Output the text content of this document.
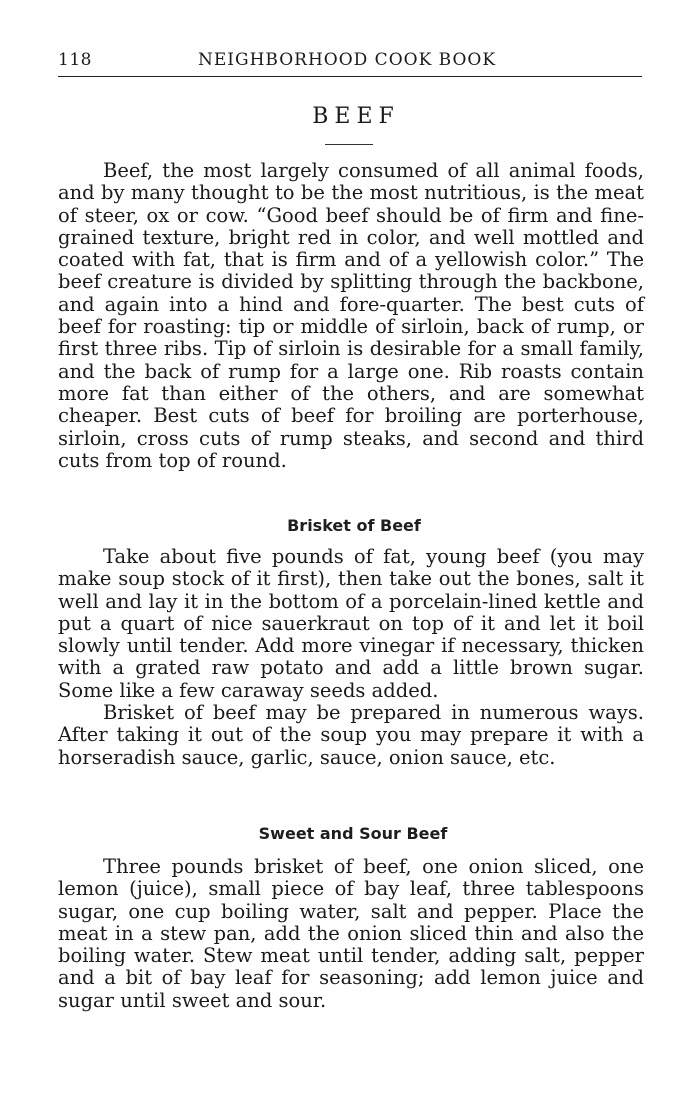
118	NEIGHBORHOOD COOK BOOK
BEEF

Beef, the most largely consumed of all animal foods, and by many thought to be the most nutritious, is the meat of steer, ox or cow. “Good beef should be of firm and fine-grained texture, bright red in color, and well mottled and coated with fat, that is firm and of a yellowish color.” The beef creature is divided by splitting through the backbone, and again into a hind and fore-quarter. The best cuts of beef for roasting: tip or middle of sirloin, back of rump, or first three ribs. Tip of sirloin is desirable for a small family, and the back of rump for a large one. Rib roasts contain more fat than either of the others, and are somewhat cheaper. Best cuts of beef for broiling are porterhouse, sirloin, cross cuts of rump steaks, and second and third cuts from top of round.

Brisket of Beef

Take about five pounds of fat, young beef (you may make soup stock of it first), then take out the bones, salt it well and lay it in the bottom of a porcelain-lined kettle and put a quart of nice sauerkraut on top of it and let it boil slowly until tender. Add more vinegar if necessary, thicken with a grated raw potato and add a little brown sugar. Some like a few caraway seeds added.

Brisket of beef may be prepared in numerous ways. After taking it out of the soup you may prepare it with a horseradish sauce, garlic, sauce, onion sauce, etc.

Sweet and Sour Beef

Three pounds brisket of beef, one onion sliced, one lemon (juice), small piece of bay leaf, three tablespoons sugar, one cup boiling water, salt and pepper. Place the meat in a stew pan, add the onion sliced thin and also the boiling water. Stew meat until tender, adding salt, pepper and a bit of bay leaf for seasoning; add lemon juice and sugar until sweet and sour.
